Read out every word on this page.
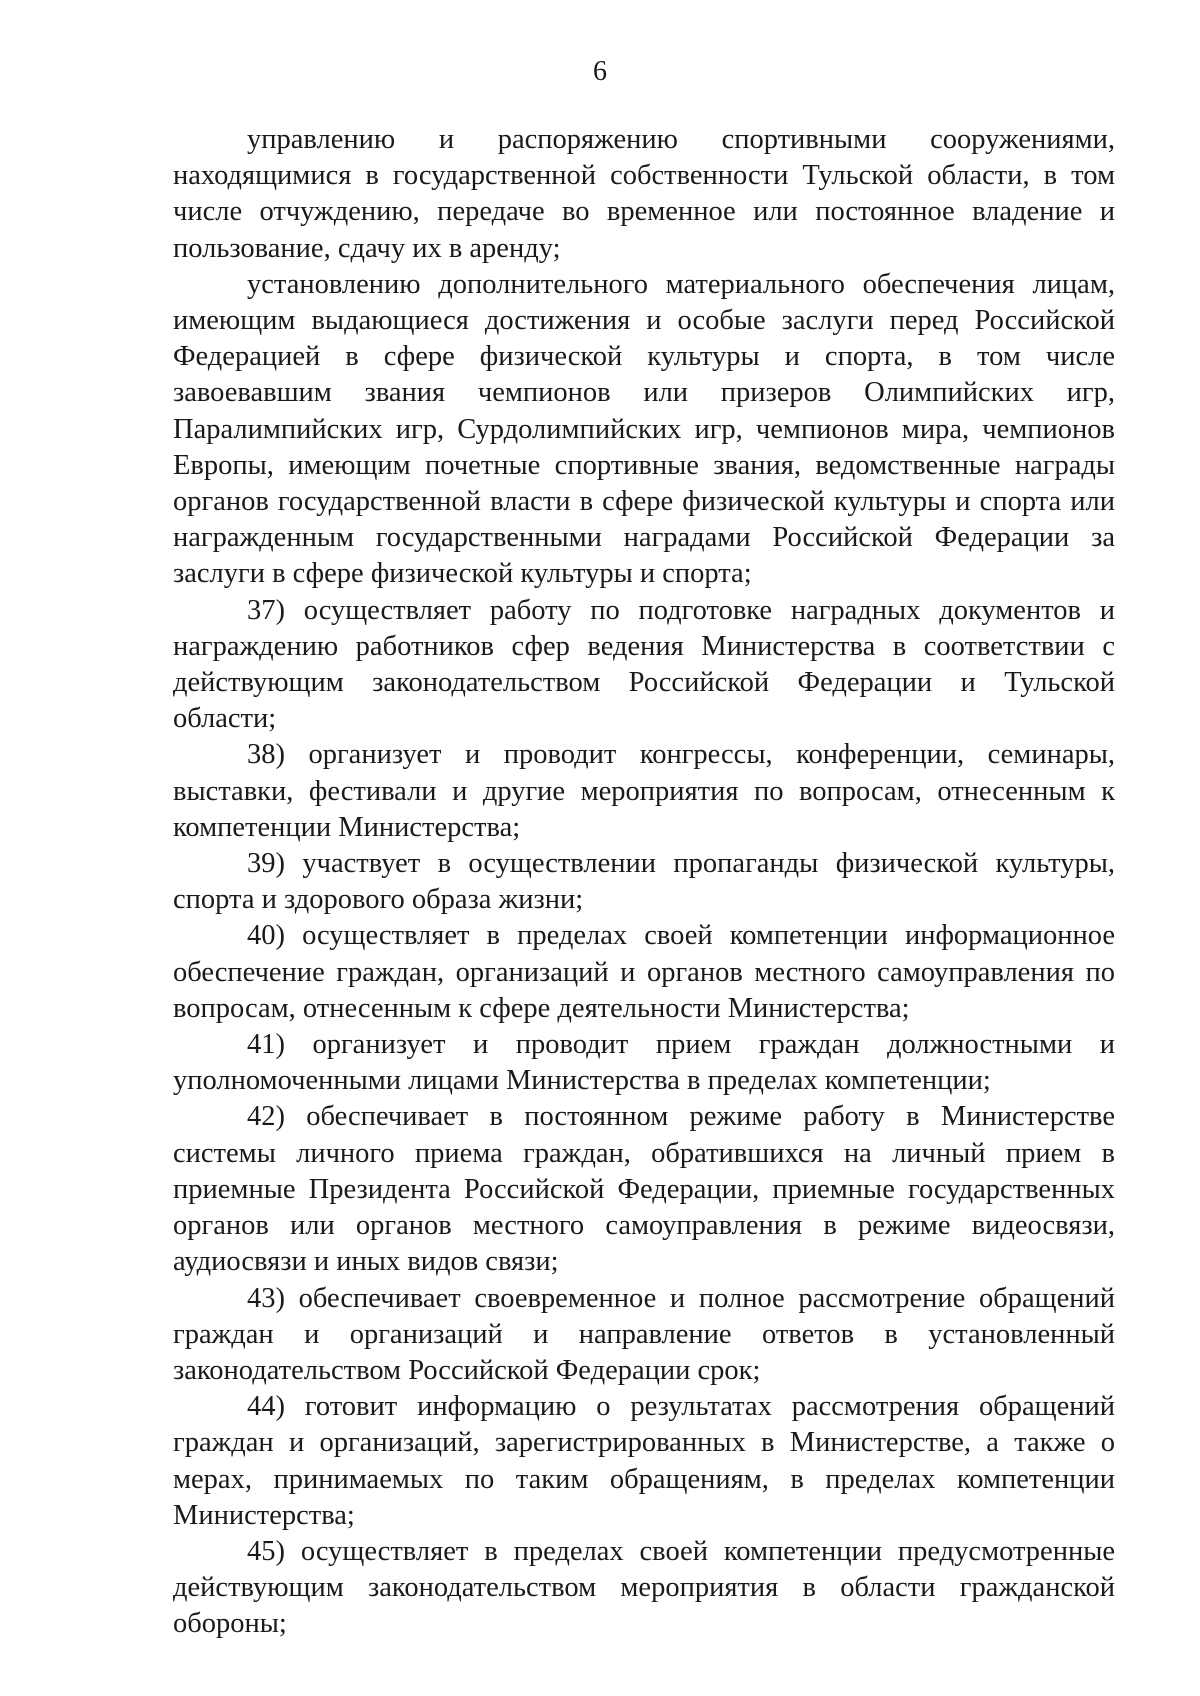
6

управлению и распоряжению спортивными сооружениями, находящимися в государственной собственности Тульской области, в том числе отчуждению, передаче во временное или постоянное владение и пользование, сдачу их в аренду;

установлению дополнительного материального обеспечения лицам, имеющим выдающиеся достижения и особые заслуги перед Российской Федерацией в сфере физической культуры и спорта, в том числе завоевавшим звания чемпионов или призеров Олимпийских игр, Паралимпийских игр, Сурдолимпийских игр, чемпионов мира, чемпионов Европы, имеющим почетные спортивные звания, ведомственные награды органов государственной власти в сфере физической культуры и спорта или награжденным государственными наградами Российской Федерации за заслуги в сфере физической культуры и спорта;

37) осуществляет работу по подготовке наградных документов и награждению работников сфер ведения Министерства в соответствии с действующим законодательством Российской Федерации и Тульской области;

38) организует и проводит конгрессы, конференции, семинары, выставки, фестивали и другие мероприятия по вопросам, отнесенным к компетенции Министерства;

39) участвует в осуществлении пропаганды физической культуры, спорта и здорового образа жизни;

40) осуществляет в пределах своей компетенции информационное обеспечение граждан, организаций и органов местного самоуправления по вопросам, отнесенным к сфере деятельности Министерства;

41) организует и проводит прием граждан должностными и уполномоченными лицами Министерства в пределах компетенции;

42) обеспечивает в постоянном режиме работу в Министерстве системы личного приема граждан, обратившихся на личный прием в приемные Президента Российской Федерации, приемные государственных органов или органов местного самоуправления в режиме видеосвязи, аудиосвязи и иных видов связи;

43) обеспечивает своевременное и полное рассмотрение обращений граждан и организаций и направление ответов в установленный законодательством Российской Федерации срок;

44) готовит информацию о результатах рассмотрения обращений граждан и организаций, зарегистрированных в Министерстве, а также о мерах, принимаемых по таким обращениям, в пределах компетенции Министерства;

45) осуществляет в пределах своей компетенции предусмотренные действующим законодательством мероприятия в области гражданской обороны;
